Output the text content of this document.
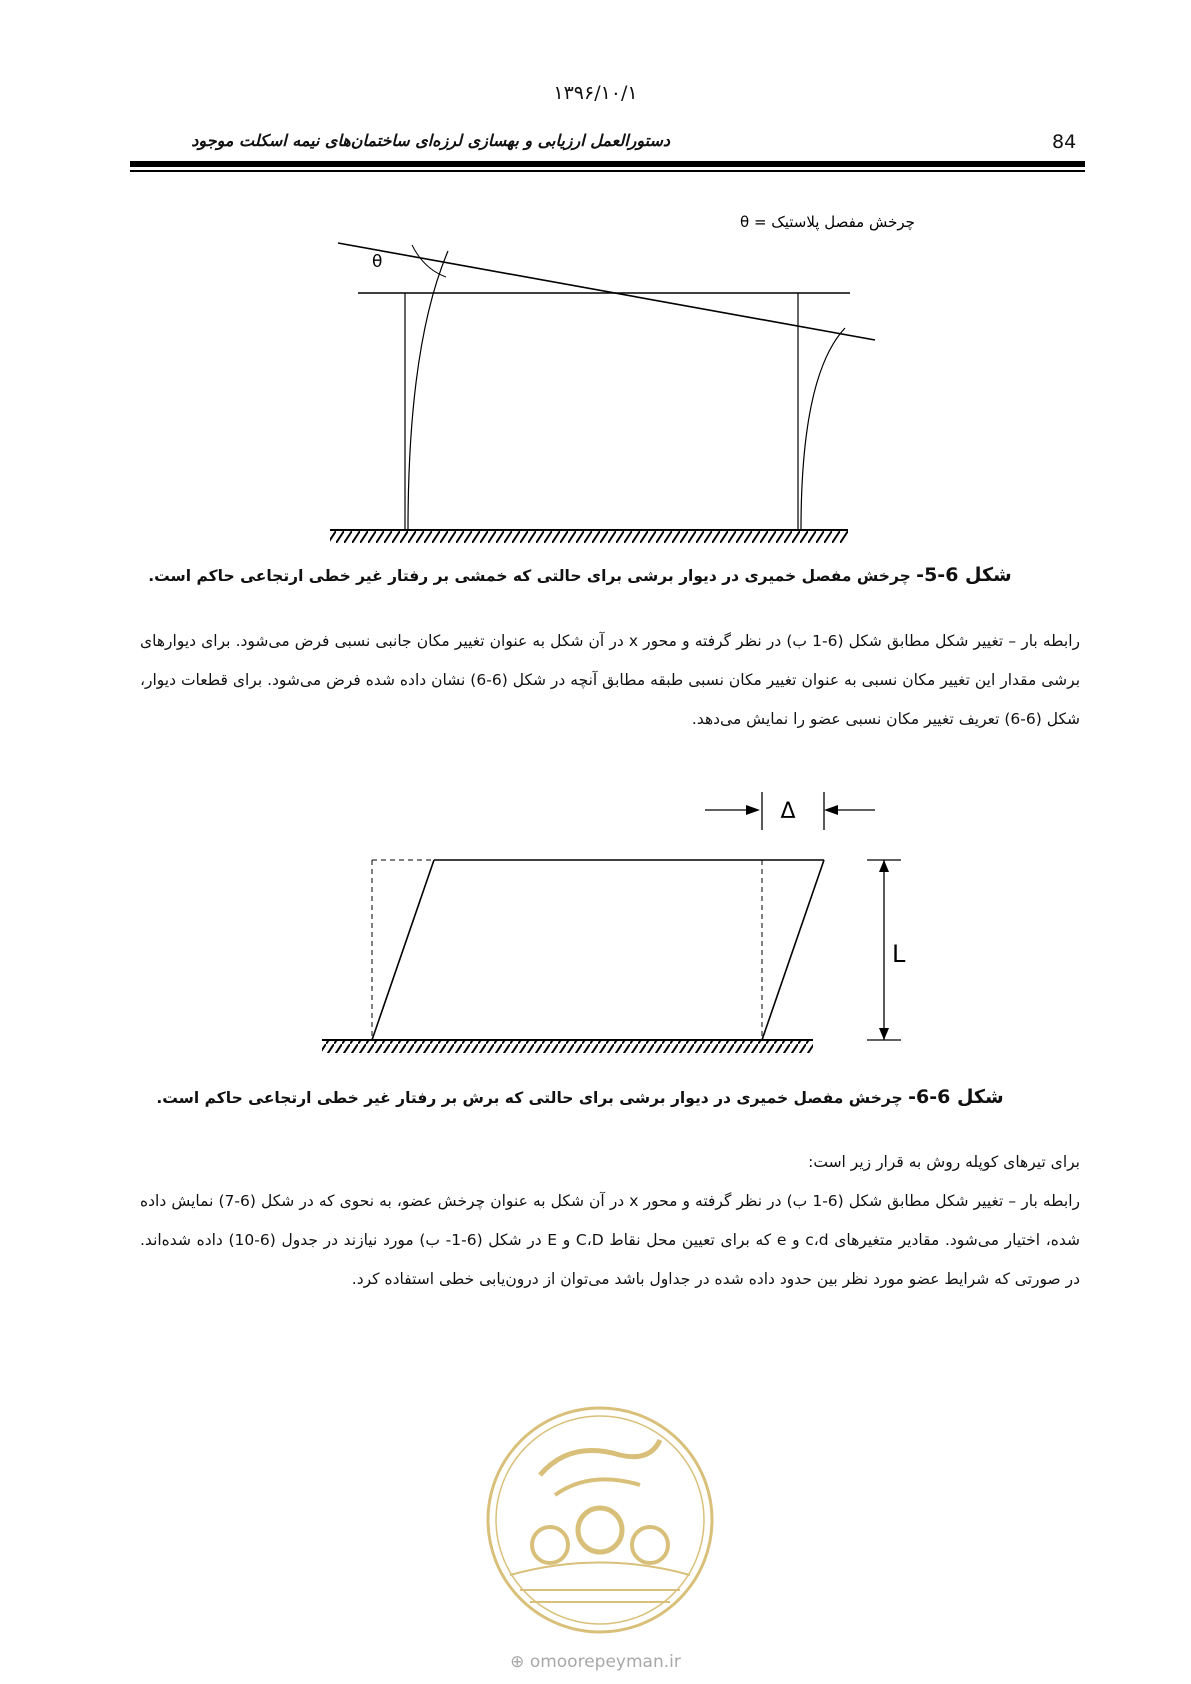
۱۳۹۶/۱۰/۱
84
دستورالعمل ارزیابی و بهسازی لرزه‌ای ساختمان‌های نیمه اسکلت موجود
چرخش مفصل پلاستیک = θ
θ
شکل 6-5- چرخش مفصل خمیری در دیوار برشی برای حالتی که خمشی بر رفتار غیر خطی ارتجاعی حاکم است.

رابطه بار – تغییر شکل مطابق شکل (6-1 ب) در نظر گرفته و محور x در آن شکل به عنوان تغییر مکان جانبی نسبی فرض می‌شود. برای دیوارهای برشی مقدار این تغییر مکان نسبی به عنوان تغییر مکان نسبی طبقه مطابق آنچه در شکل (6-6) نشان داده شده فرض می‌شود. برای قطعات دیوار، شکل (6-6) تعریف تغییر مکان نسبی عضو را نمایش می‌دهد.

Δ
L
شکل 6-6- چرخش مفصل خمیری در دیوار برشی برای حالتی که برش بر رفتار غیر خطی ارتجاعی حاکم است.

برای تیرهای کوپله روش به قرار زیر است:

رابطه بار – تغییر شکل مطابق شکل (6-1 ب) در نظر گرفته و محور x در آن شکل به عنوان چرخش عضو، به نحوی که در شکل (6-7) نمایش داده شده، اختیار می‌شود. مقادیر متغیرهای c،d و e که برای تعیین محل نقاط C،D و E در شکل (6-1- ب) مورد نیازند در جدول (6-10) داده شده‌اند. در صورتی که شرایط عضو مورد نظر بین حدود داده شده در جداول باشد می‌توان از درون‌یابی خطی استفاده کرد.

⊕ omoorepeyman.ir
